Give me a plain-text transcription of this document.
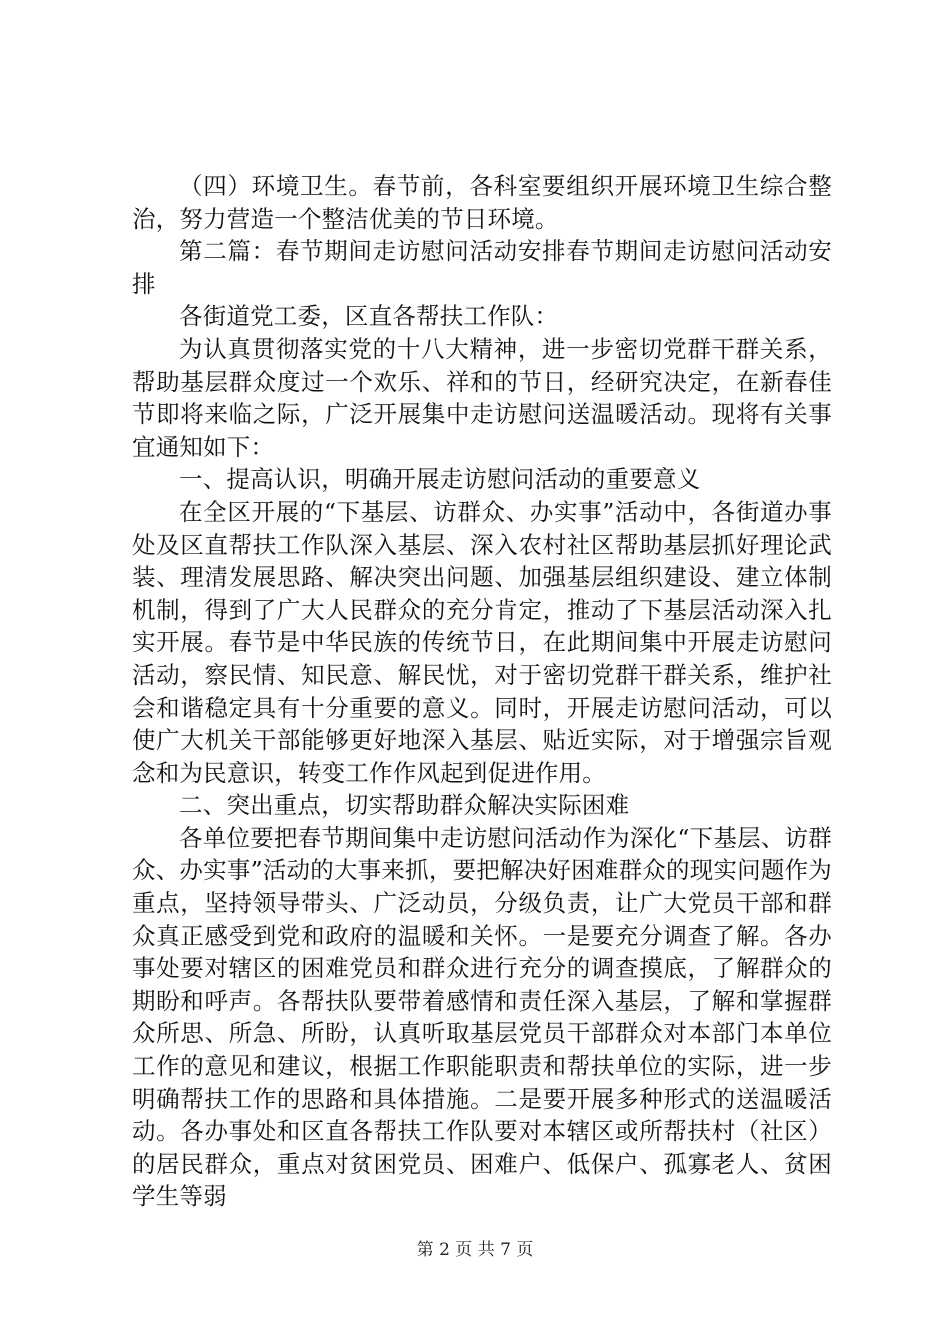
（四）环境卫生。春节前，各科室要组织开展环境卫生综合整治，努力营造一个整洁优美的节日环境。

第二篇：春节期间走访慰问活动安排春节期间走访慰问活动安排

各街道党工委，区直各帮扶工作队：

为认真贯彻落实党的十八大精神，进一步密切党群干群关系，帮助基层群众度过一个欢乐、祥和的节日，经研究决定，在新春佳节即将来临之际，广泛开展集中走访慰问送温暖活动。现将有关事宜通知如下：

一、提高认识，明确开展走访慰问活动的重要意义

在全区开展的“下基层、访群众、办实事”活动中，各街道办事处及区直帮扶工作队深入基层、深入农村社区帮助基层抓好理论武装、理清发展思路、解决突出问题、加强基层组织建设、建立体制机制，得到了广大人民群众的充分肯定，推动了下基层活动深入扎实开展。春节是中华民族的传统节日，在此期间集中开展走访慰问活动，察民情、知民意、解民忧，对于密切党群干群关系，维护社会和谐稳定具有十分重要的意义。同时，开展走访慰问活动，可以使广大机关干部能够更好地深入基层、贴近实际，对于增强宗旨观念和为民意识，转变工作作风起到促进作用。

二、突出重点，切实帮助群众解决实际困难

各单位要把春节期间集中走访慰问活动作为深化“下基层、访群众、办实事”活动的大事来抓，要把解决好困难群众的现实问题作为重点，坚持领导带头、广泛动员，分级负责，让广大党员干部和群众真正感受到党和政府的温暖和关怀。一是要充分调查了解。各办事处要对辖区的困难党员和群众进行充分的调查摸底，了解群众的期盼和呼声。各帮扶队要带着感情和责任深入基层，了解和掌握群众所思、所急、所盼，认真听取基层党员干部群众对本部门本单位工作的意见和建议，根据工作职能职责和帮扶单位的实际，进一步明确帮扶工作的思路和具体措施。二是要开展多种形式的送温暖活动。各办事处和区直各帮扶工作队要对本辖区或所帮扶村（社区）的居民群众，重点对贫困党员、困难户、低保户、孤寡老人、贫困学生等弱

第 2 页 共 7 页
